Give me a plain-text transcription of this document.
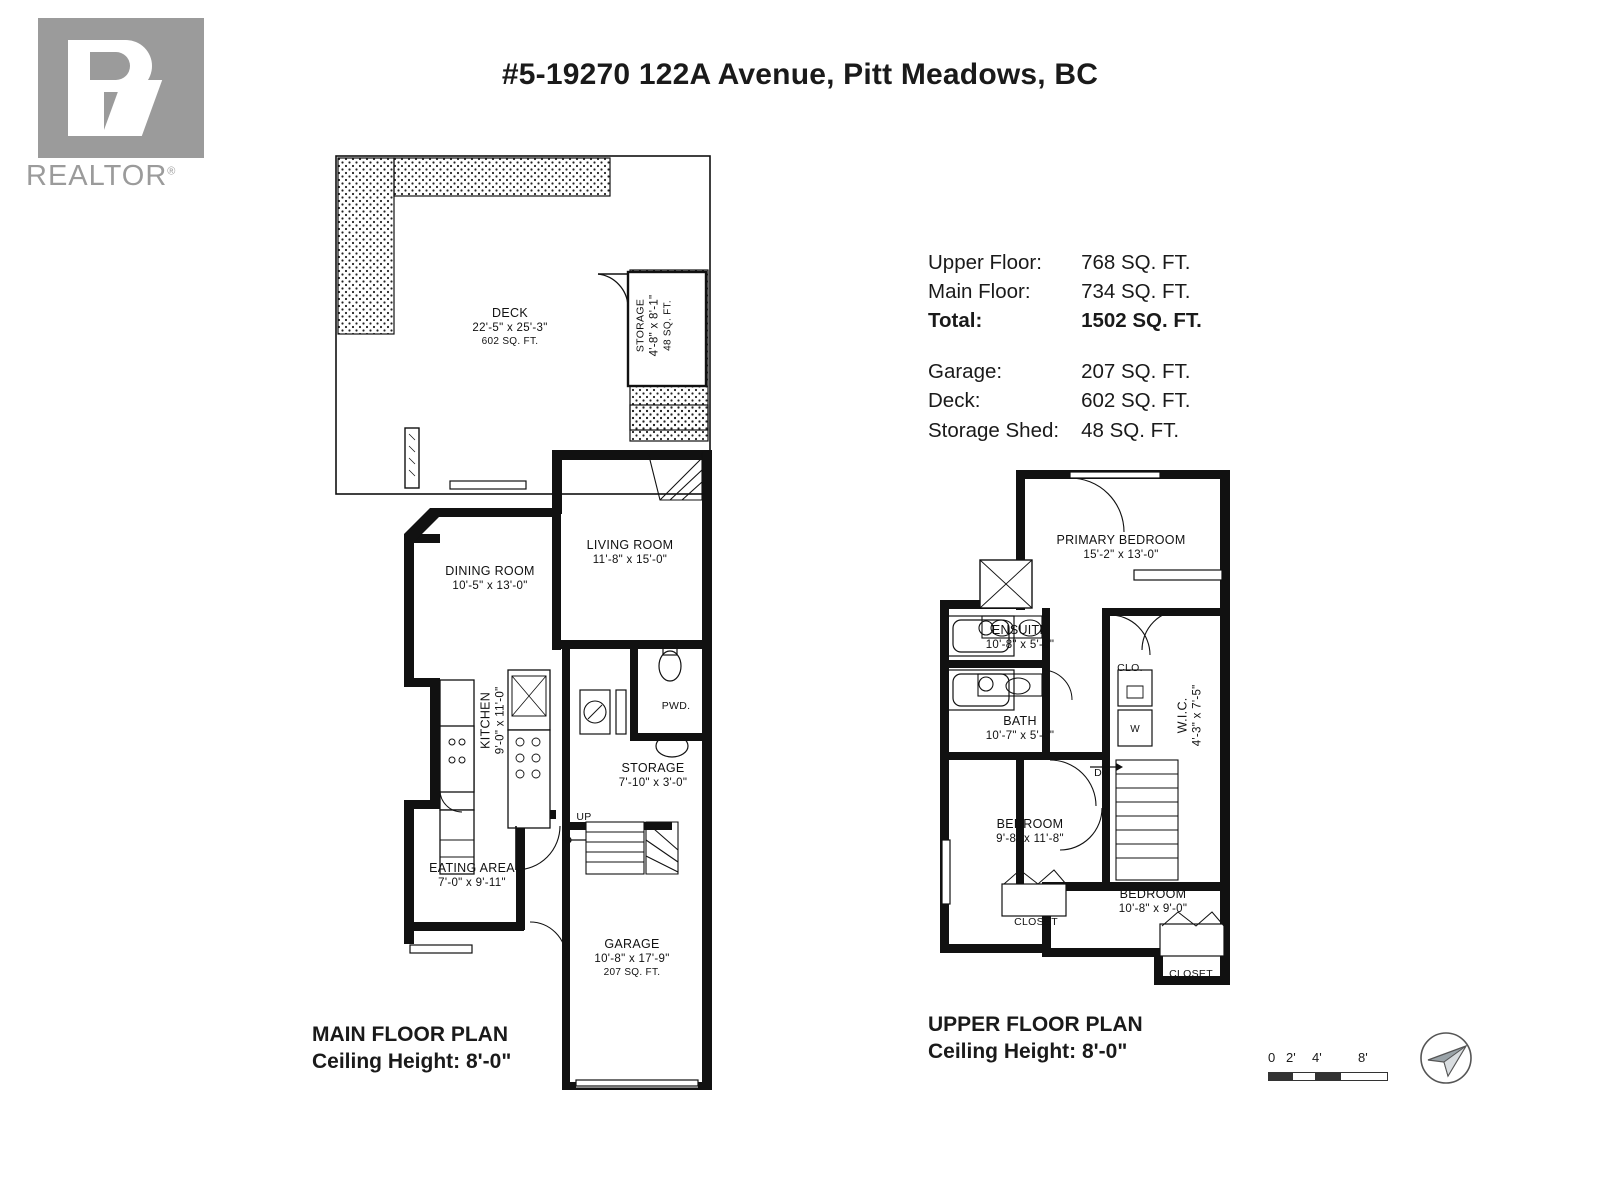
REALTOR®
#5-19270 122A Avenue, Pitt Meadows, BC
Upper Floor:	768 SQ. FT.
Main Floor:	734 SQ. FT.
Total:	1502 SQ. FT.

Garage:	207 SQ. FT.
Deck:	602 SQ. FT.
Storage Shed:	48 SQ. FT.
DECK
22'-5" x 25'-3"
602 SQ. FT.	STORAGE 4'-8" x 8'-1" 48 SQ. FT.
LIVING ROOM
11'-8" x 15'-0"
DINING ROOM
10'-5" x 13'-0"
KITCHEN 9'-0" x 11'-0"	PWD.
STORAGE
7'-10" x 3'-0"
EATING AREA
7'-0" x 9'-11"
GARAGE
10'-8" x 17'-9"
207 SQ. FT.
UP
W
PRIMARY BEDROOM
15'-2" x 13'-0"
ENSUITE
10'-8" x 5'-0"
BATH
10'-7" x 5'-0"
W.I.C. 4'-3" x 7'-5"
CLO.
BEDROOM
9'-8" x 11'-8"
BEDROOM
10'-8" x 9'-0"
CLOSET
CLOSET
DN
MAIN FLOOR PLAN
Ceiling Height: 8'-0"
UPPER FLOOR PLAN
Ceiling Height: 8'-0"	0 2' 4'	8'
